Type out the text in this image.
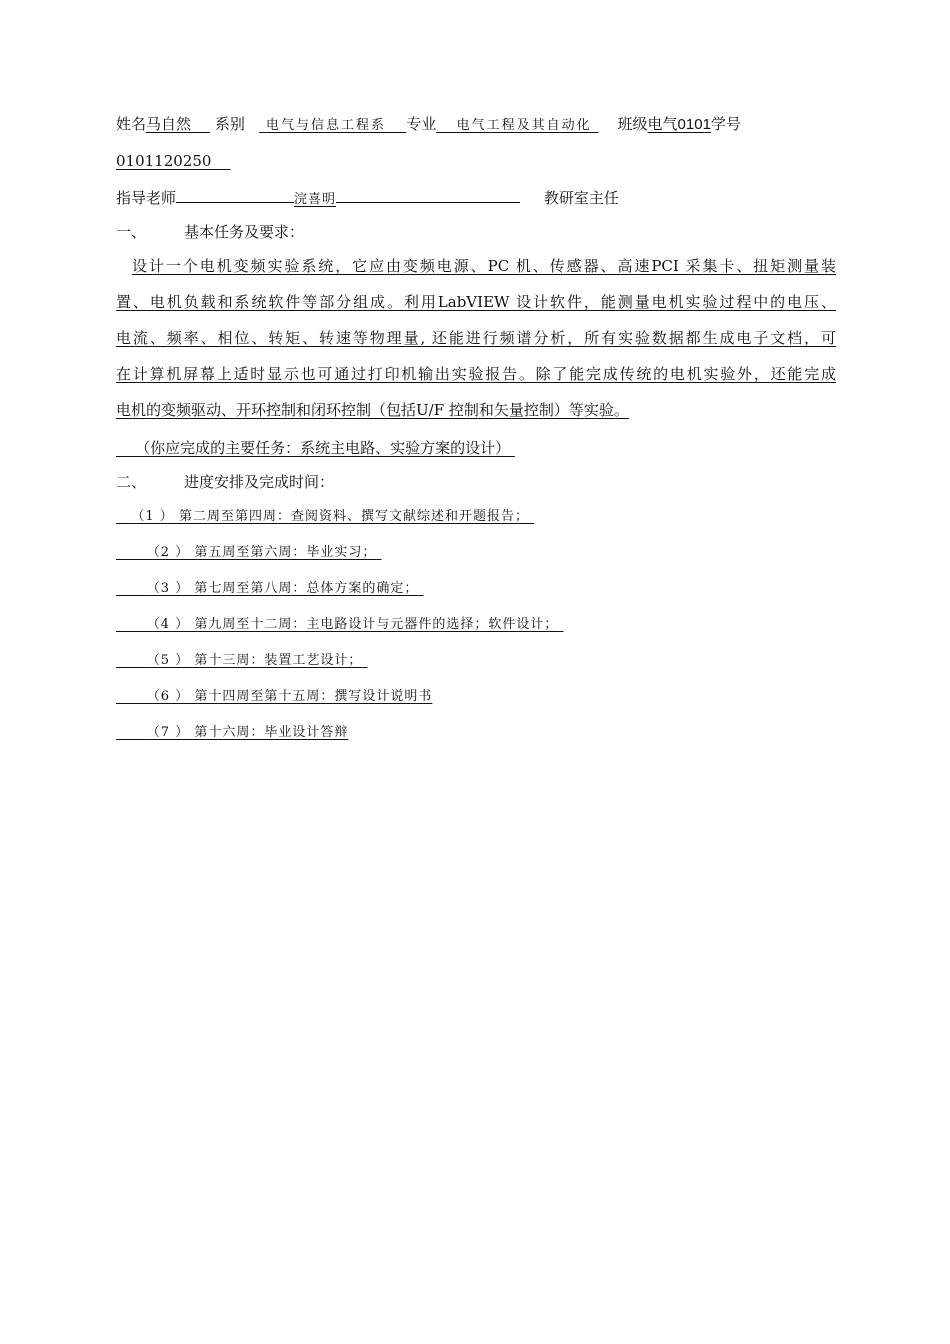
姓名马自然 系别 电气与信息工程系 专业 电气工程及其自动化 班级电气0101学号
0101120250
指导老师	浣喜明	教研室主任
一、	基本任务及要求：
设计一个电机变频实验系统，它应由变频电源、PC 机、传感器、高速PCI 采集卡、扭矩测量装
置、电机负载和系统软件等部分组成。利用LabVIEW 设计软件，能测量电机实验过程中的电压、
电流、频率、相位、转矩、转速等物理量, 还能进行频谱分析，所有实验数据都生成电子文档，可
在计算机屏幕上适时显示也可通过打印机输出实验报告。除了能完成传统的电机实验外，还能完成
电机的变频驱动、开环控制和闭环控制（包括U/F 控制和矢量控制）等实验。
（你应完成的主要任务：系统主电路、实验方案的设计）
二、	进度安排及完成时间：
（1 ） 第二周至第四周：查阅资料、撰写文献综述和开题报告；
（2 ） 第五周至第六周：毕业实习；
（3 ） 第七周至第八周：总体方案的确定；
（4 ） 第九周至十二周：主电路设计与元器件的选择；软件设计；
（5 ） 第十三周：装置工艺设计；
（6 ） 第十四周至第十五周：撰写设计说明书
（7 ） 第十六周：毕业设计答辩
